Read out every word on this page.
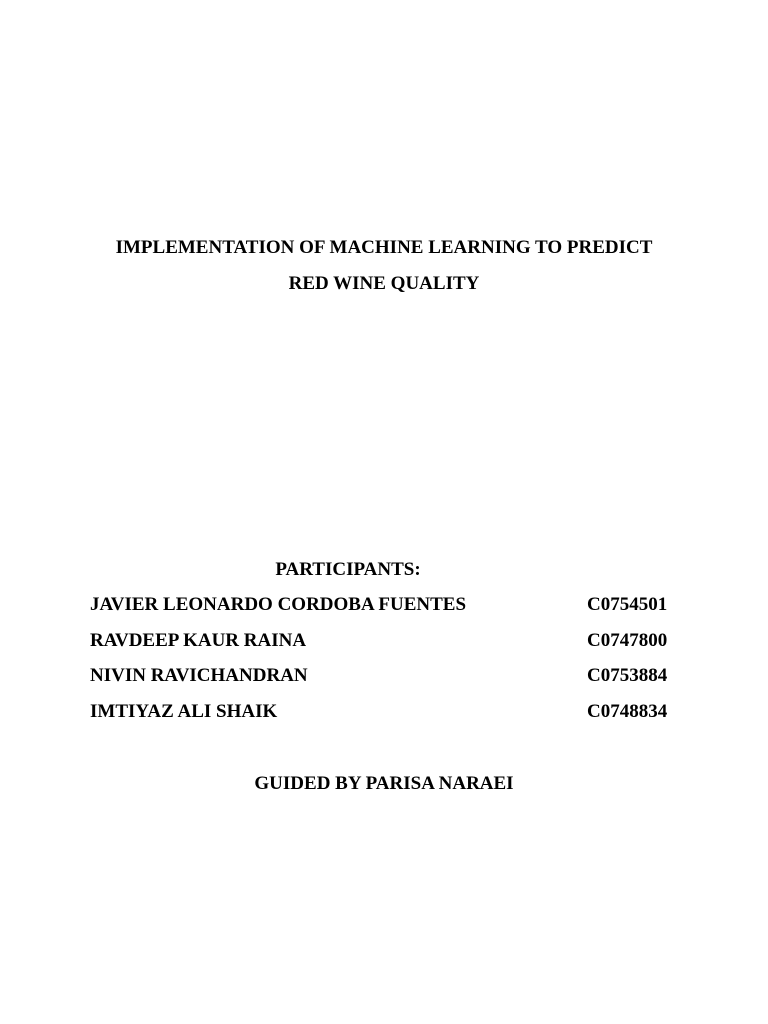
IMPLEMENTATION OF MACHINE LEARNING TO PREDICT
RED WINE QUALITY
PARTICIPANTS:
JAVIER LEONARDO CORDOBA FUENTES	C0754501
RAVDEEP KAUR RAINA	C0747800
NIVIN RAVICHANDRAN	C0753884
IMTIYAZ ALI SHAIK	C0748834
GUIDED BY PARISA NARAEI
